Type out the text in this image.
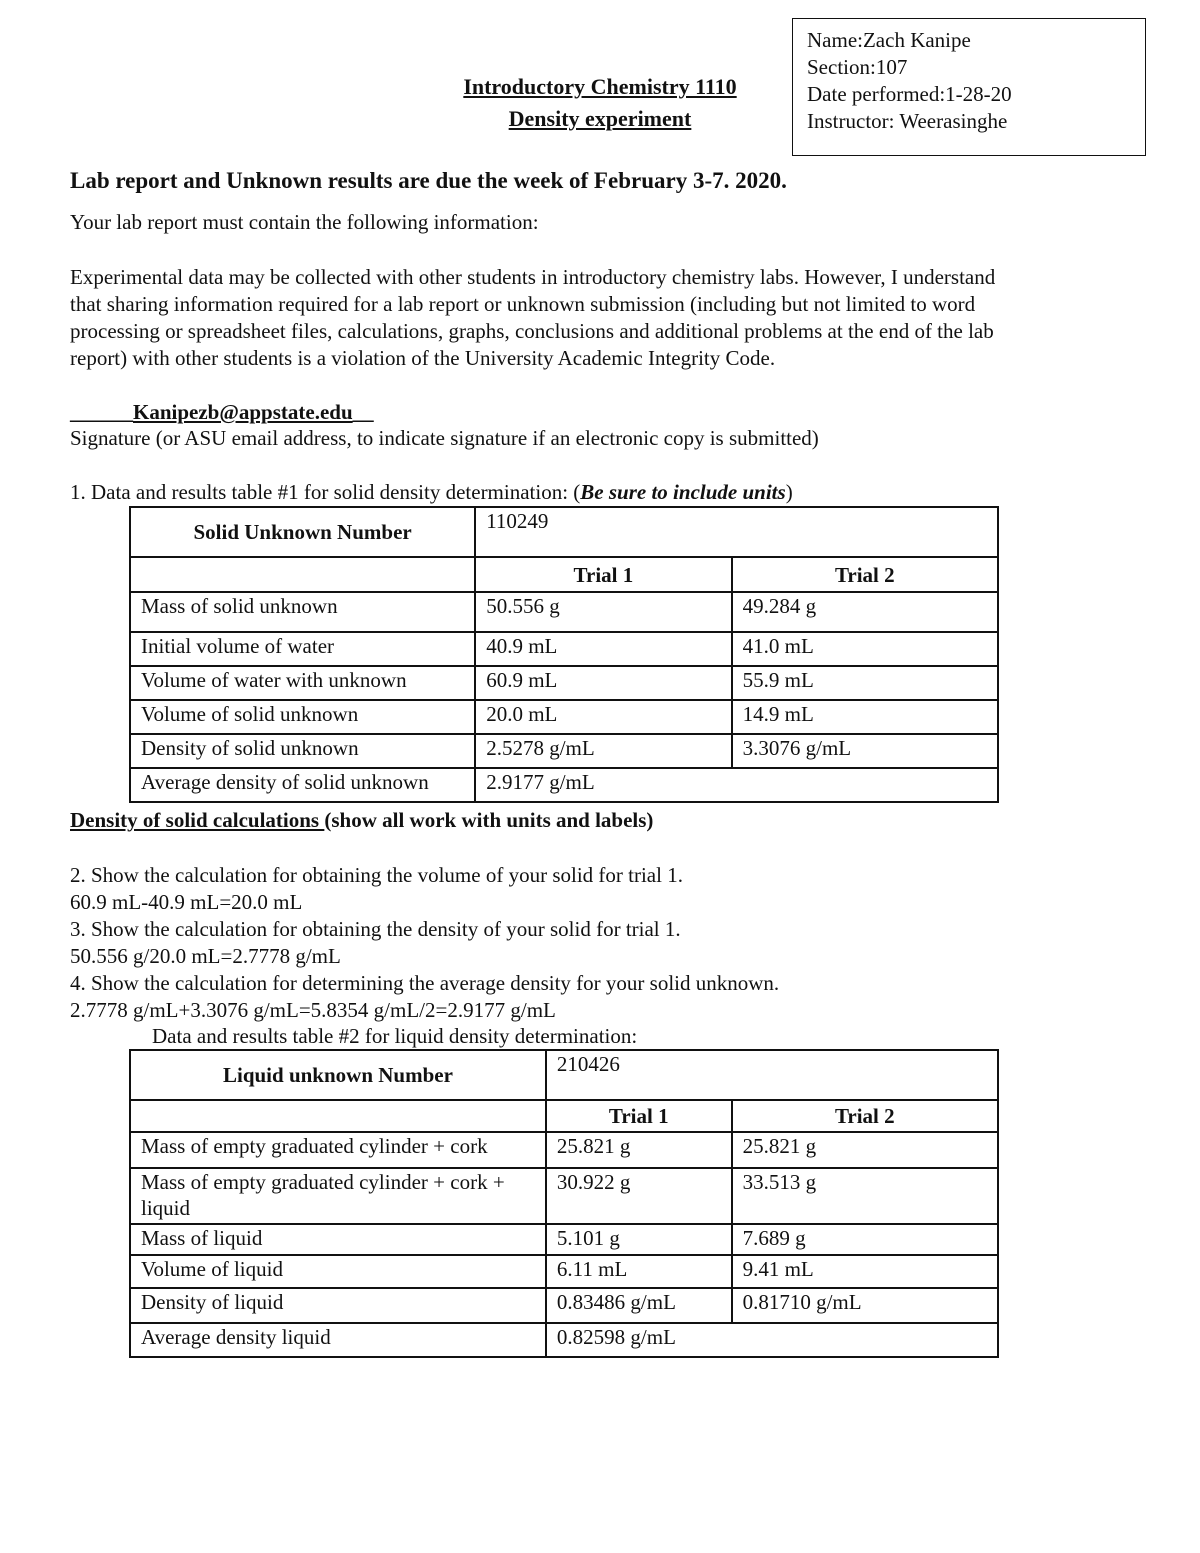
Name:Zach Kanipe
Section:107
Date performed:1-28-20
Instructor: Weerasinghe
Introductory Chemistry 1110
Density experiment
Lab report and Unknown results are due the week of February 3-7. 2020.
Your lab report must contain the following information:
Experimental data may be collected with other students in introductory chemistry labs. However, I understand
that sharing information required for a lab report or unknown submission (including but not limited to word
processing or spreadsheet files, calculations, graphs, conclusions and additional problems at the end of the lab
report) with other students is a violation of the University Academic Integrity Code.
______Kanipezb@appstate.edu__
Signature (or ASU email address, to indicate signature if an electronic copy is submitted)
1. Data and results table #1 for solid density determination: (Be sure to include units)
Solid Unknown Number	110249	
	Trial 1	Trial 2
Mass of solid unknown	50.556 g	49.284 g
Initial volume of water	40.9 mL	41.0 mL
Volume of water with unknown	60.9 mL	55.9 mL
Volume of solid unknown	20.0 mL	14.9 mL
Density of solid unknown	2.5278 g/mL	3.3076 g/mL
Average density of solid unknown	2.9177 g/mL	
Density of solid calculations (show all work with units and labels)
2. Show the calculation for obtaining the volume of your solid for trial 1.
60.9 mL-40.9 mL=20.0 mL
3. Show the calculation for obtaining the density of your solid for trial 1.
50.556 g/20.0 mL=2.7778 g/mL
4. Show the calculation for determining the average density for your solid unknown.
2.7778 g/mL+3.3076 g/mL=5.8354 g/mL/2=2.9177 g/mL
Data and results table #2 for liquid density determination:
Liquid unknown Number	210426	
	Trial 1	Trial 2
Mass of empty graduated cylinder + cork	25.821 g	25.821 g
Mass of empty graduated cylinder + cork + liquid	30.922 g	33.513 g
Mass of liquid	5.101 g	7.689 g
Volume of liquid	6.11 mL	9.41 mL
Density of liquid	0.83486 g/mL	0.81710 g/mL
Average density liquid	0.82598 g/mL	
